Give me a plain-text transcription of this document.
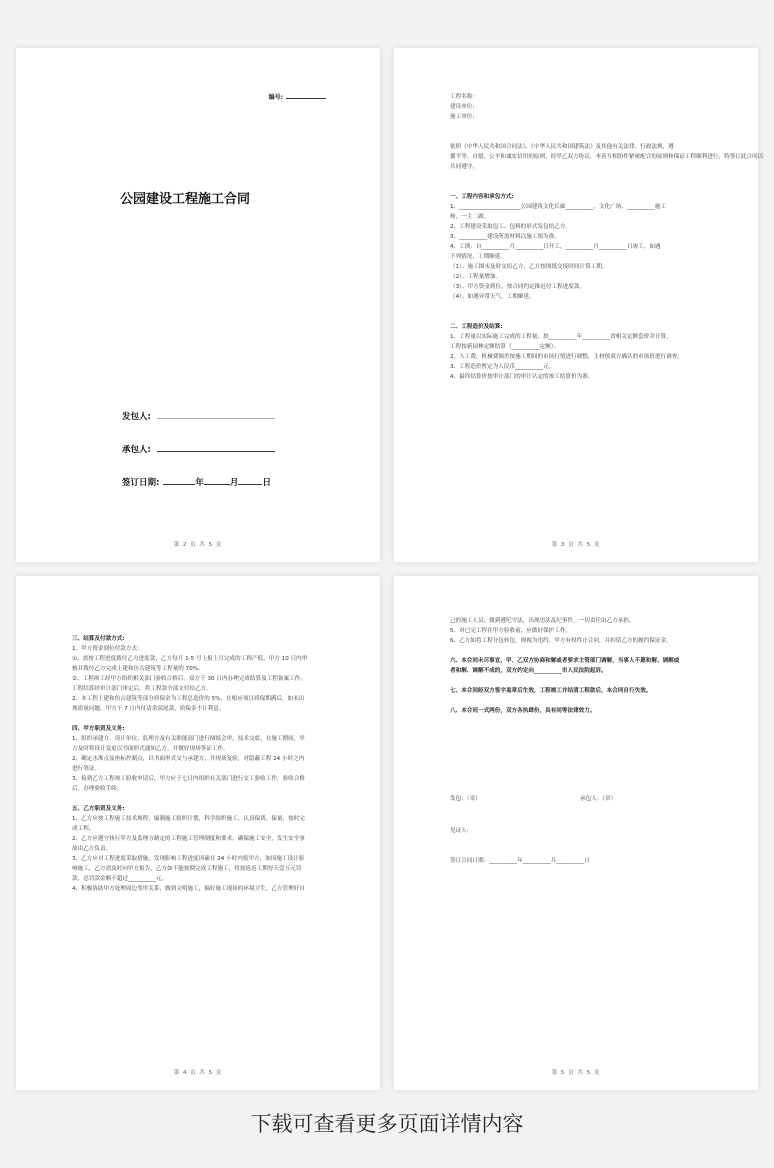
编号:
公园建设工程施工合同
发包人:
承包人:
签订日期:	年	月	日
第 2 页 共 5 页
工程名称:
建设单位:
施工单位:
依照《中华人民共和国合同法》、《中华人民共和国建筑法》及其他有关法律、行政法规，遵
循平等、自愿、公平和诚实信用的原则，经甲乙双方协议，本着互相协作紧密配合的原则和保证工程顺利进行，特签订此合同以
共同遵守。
一、工程内容和承包方式:
1、______________________公园建筑文化长廊__________，文化广场，__________施工
杨，一主二副。
2、工程建设采取包工、包料的形式发包给乙方。
3、__________建设所需材料以施工图为准。
4、工期：自__________月__________日开工，__________月__________日竣工。如遇
下列情况，工期顺延。
（1）、施工图未及时交给乙方，乙方按图纸交接时间计算工期。
（2）、工程量增加。
（3）、甲方资金到位，按合同约定推迟付工程进度款。
（4）、如遇异常天气，工期顺延。
二、工程造价及结算:
1、工程量以实际施工完成的工程量，按__________年__________省相关定额套价并计算，
工程按新园林定额结算（__________定额）。
2、人工费、机械费调差按施工期间的市场行情进行调整，主材按双方确认的市场价进行调查。
3、工程造价暂定为人民币__________元。
4、最终结算价按审计部门的审计认定的竣工结算价为准。
第 3 页 共 5 页
三、结算及付款方式:
1、甲方资金到位付款方式:
①、需按工程进度拨付乙方进度款，乙方每月 1-5 号上报上月完成的工程产值，甲方 10 日内审
核并拨付乙方完成土建和仿古建筑等工程量的 70%。
②、工程竣工经甲方组织相关部门验收合格后，双方于 30 日内办理完成结算及工程备案工作，
工程结算经审计部门审定后，将工程款全部支付给乙方。
2、本工程土建和仿古建筑等部分质保金为工程总造价的 5%，在相应项目质保期满后，如未出
现质量问题，甲方于 7 日内付清余部尾款，质保金不计利息。
四、甲方职责及义务:
1、组织承建方、设计单位、监理方及有关职能部门进行图纸会审，技术交底，在施工期间，甲
方及时将设计变更以书面形式通知乙方，并做好现场签证工作。
2、确定水准点及座标控制点，以书面形式交与承建方，并现场复验，对隐蔽工程 24 小时之内
进行签证。
3、接到乙方工程竣工验收申请后，甲方应于七日内组织有关部门进行交工验收工作，验收合格
后，办理验收手续。
五、乙方职责及义务:
1、乙方应按工程施工技术规程，编制施工组织计划，科学组织施工，认真保质、保量、按时完
成工程。
2、乙方应遵守执行甲方及监理方制定的工程施工管理制度和要求，确保施工安全，发生安全事
故由乙方负责。
3、乙方应对工程进度采取措施，发现影响工程进度因素在 24 小时内报甲方，如因施工设计影
响施工，乙方需及时向甲方报告，乙方如不能按期完成工程施工，将按延迟工期每天壹万元罚
款，总罚款金额不超过__________元。
4、积极协助甲方处理周边邻里关系，做到文明施工，搞好施工现场的环境卫生，乙方管理好自
第 4 页 共 5 页
己的施工人员，做到遵纪守法，出现违法乱纪事件，一切责任由乙方承担。
5、对已完工程在甲方验收前，应做好保护工作。
6、乙方如将工程分包转包，则视为违约，甲方有权终止合同，并扣留乙方的履约保证金。
六、本合同未尽事宜，甲、乙双方协商和解或者要求主管部门调解，当事人不愿和解、调解或
者和解、调解不成的，双方约定向__________市人民法院起诉。
七、本合同经双方签字盖章后生效，工程竣工并结清工程款后，本合同自行失效。
八、本合同一式两份，双方各执肆份，具有同等法律效力。
发包：（章）	承包人：（章）
见证人:
签订合同日期：__________年__________月__________日
第 5 页 共 5 页
下载可查看更多页面详情内容
